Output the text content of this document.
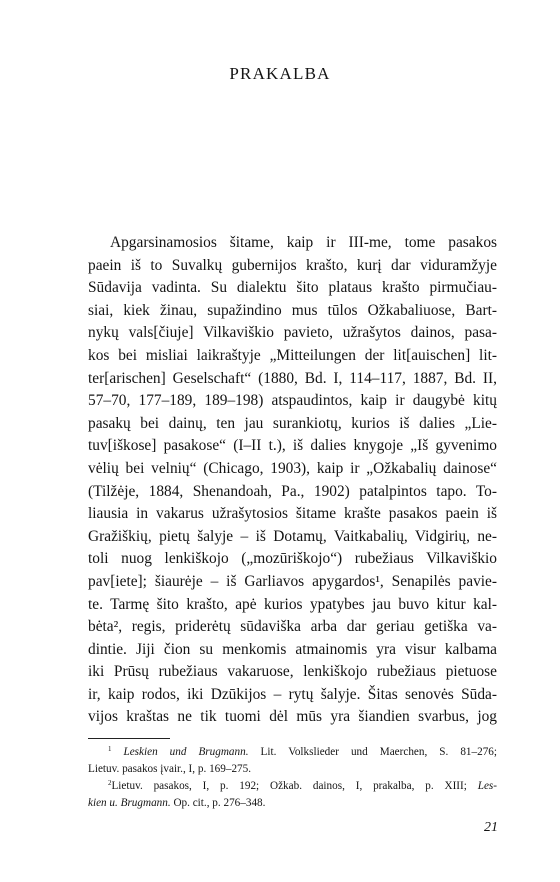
PRAKALBA
Apgarsinamosios šitame, kaip ir III-me, tome pasakos
paein iš to Suvalkų gubernijos krašto, kurį dar viduramžyje
Sūdavija vadinta. Su dialektu šito plataus krašto pirmučiau-
siai, kiek žinau, supažindino mus tūlos Ožkabaliuose, Bart-
nykų vals[čiuje] Vilkaviškio pavieto, užrašytos dainos, pasa-
kos bei misliai laikraštyje „Mitteilungen der lit[auischen] lit-
ter[arischen] Geselschaft“ (1880, Bd. I, 114–117, 1887, Bd. II,
57–70, 177–189, 189–198) atspaudintos, kaip ir daugybė kitų
pasakų bei dainų, ten jau surankiotų, kurios iš dalies „Lie-
tuv[iškose] pasakose“ (I–II t.), iš dalies knygoje „Iš gyvenimo
vėlių bei velnių“ (Chicago, 1903), kaip ir „Ožkabalių dainose“
(Tilžėje, 1884, Shenandoah, Pa., 1902) patalpintos tapo. To-
liausia in vakarus užrašytosios šitame krašte pasakos paein iš
Gražiškių, pietų šalyje – iš Dotamų, Vaitkabalių, Vidgirių, ne-
toli nuog lenkiškojo („mozūriškojo“) rubežiaus Vilkaviškio
pav[iete]; šiaurėje – iš Garliavos apygardos¹, Senapilės pavie-
te. Tarmę šito krašto, apė kurios ypatybes jau buvo kitur kal-
bėta², regis, priderėtų sūdaviška arba dar geriau getiška va-
dintie. Jiji čion su menkomis atmainomis yra visur kalbama
iki Prūsų rubežiaus vakaruose, lenkiškojo rubežiaus pietuose
ir, kaip rodos, iki Dzūkijos – rytų šalyje. Šitas senovės Sūda-
vijos kraštas ne tik tuomi dėl mūs yra šiandien svarbus, jog
$^1$ Leskien und Brugmann. Lit. Volkslieder und Maerchen, S. 81–276;
Lietuv. pasakos įvair., I, p. 169–275.
$^2$Lietuv. pasakos, I, p. 192; Ožkab. dainos, I, prakalba, p. XIII; Les-
kien u. Brugmann. Op. cit., p. 276–348.
21
